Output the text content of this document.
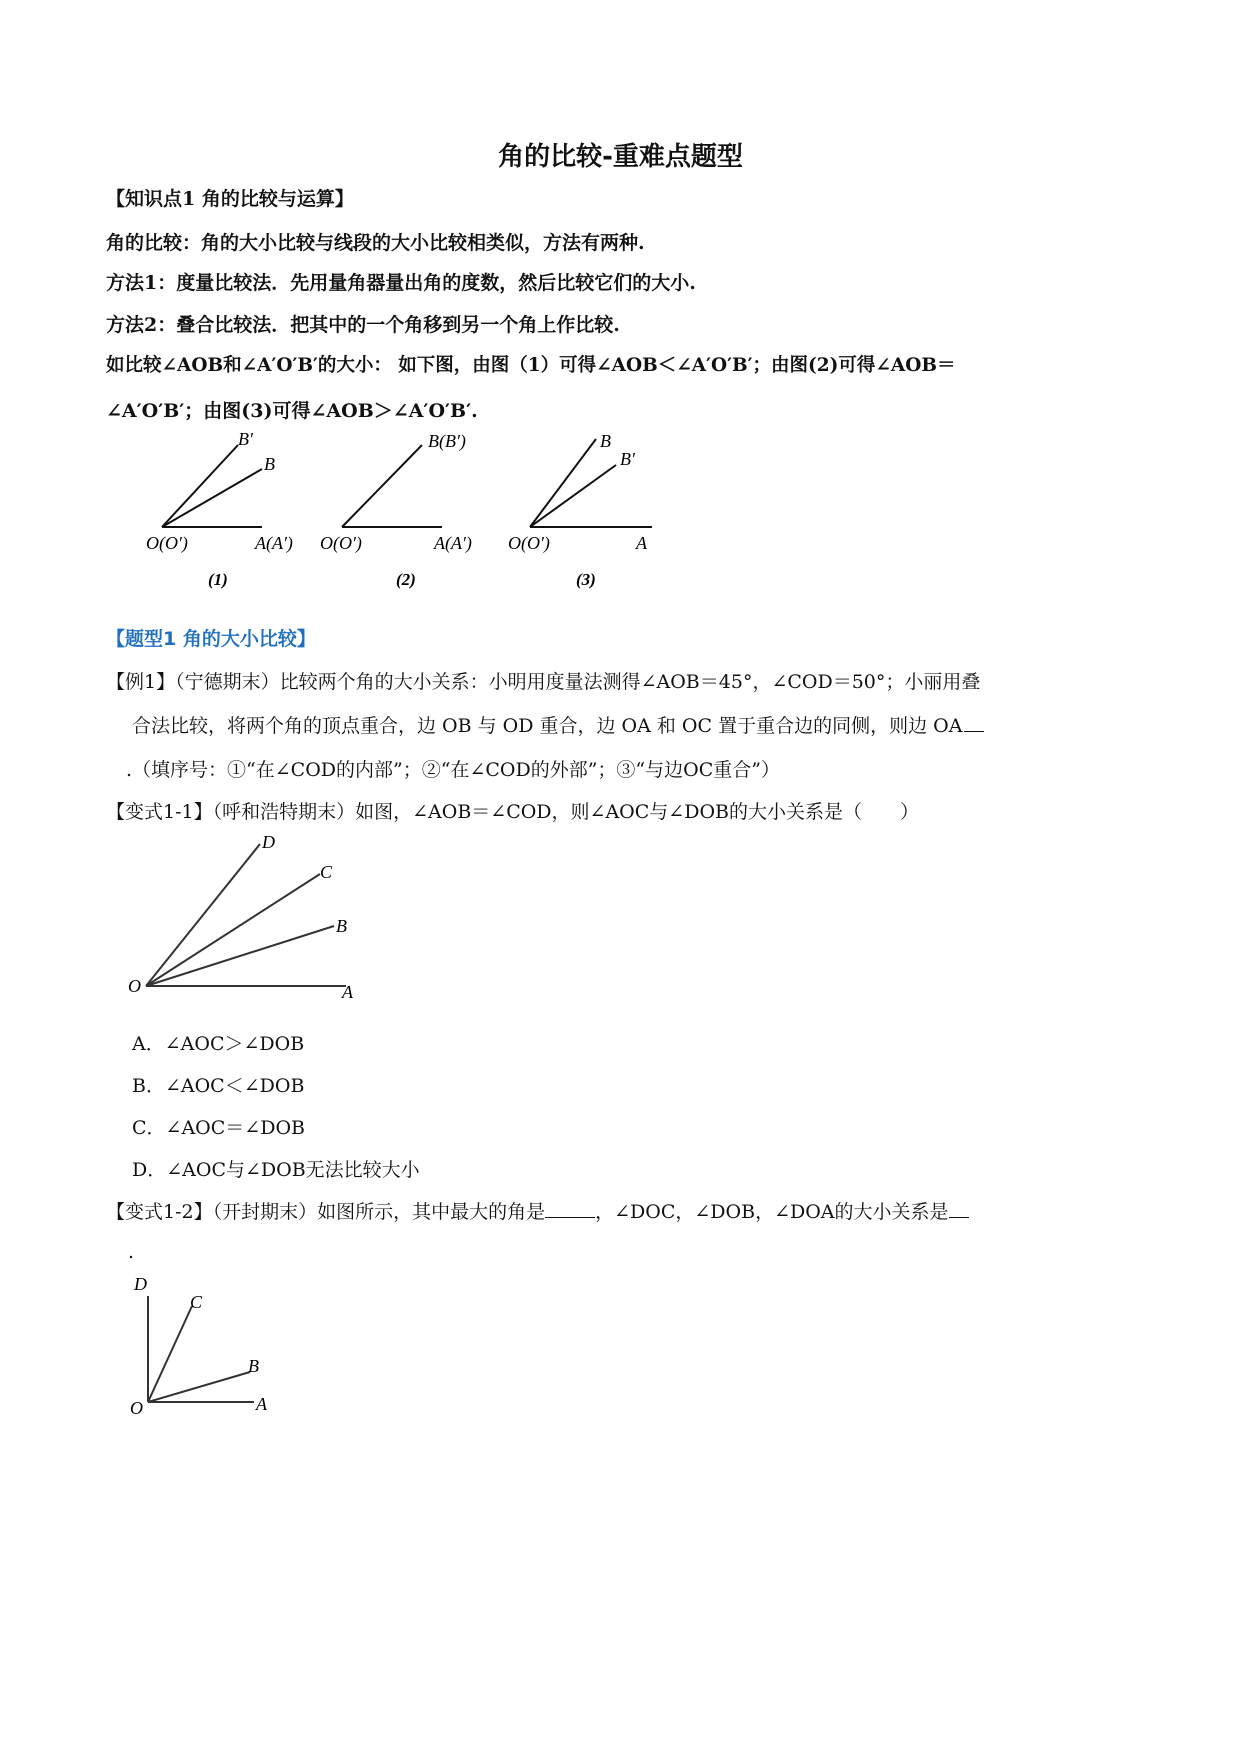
角的比较-重难点题型
【知识点1 角的比较与运算】
角的比较：角的大小比较与线段的大小比较相类似，方法有两种.
方法1：度量比较法．先用量角器量出角的度数，然后比较它们的大小.
方法2：叠合比较法．把其中的一个角移到另一个角上作比较.
如比较∠AOB和∠A′O′B′的大小： 如下图，由图（1）可得∠AOB＜∠A′O′B′；由图(2)可得∠AOB＝
∠A′O′B′；由图(3)可得∠AOB＞∠A′O′B′.
B′
B
O(O′)	A(A′)
(1)
B(B′)
O(O′)	A(A′)
(2)
B
B′
O(O′)	A
(3)
【题型1 角的大小比较】
【例1】（宁德期末）比较两个角的大小关系：小明用度量法测得∠AOB＝45°，∠COD＝50°；小丽用叠
合法比较，将两个角的顶点重合，边 OB 与 OD 重合，边 OA 和 OC 置于重合边的同侧，则边 OA
.（填序号：①“在∠COD的内部”；②“在∠COD的外部”；③“与边OC重合”）
【变式1-1】（呼和浩特期末）如图，∠AOB＝∠COD，则∠AOC与∠DOB的大小关系是（　　）
D
C
B
O	A
A．∠AOC＞∠DOB
B．∠AOC＜∠DOB
C．∠AOC＝∠DOB
D．∠AOC与∠DOB无法比较大小
【变式1-2】（开封期末）如图所示，其中最大的角是	，∠DOC，∠DOB，∠DOA的大小关系是
.
D
C
B
O	A
